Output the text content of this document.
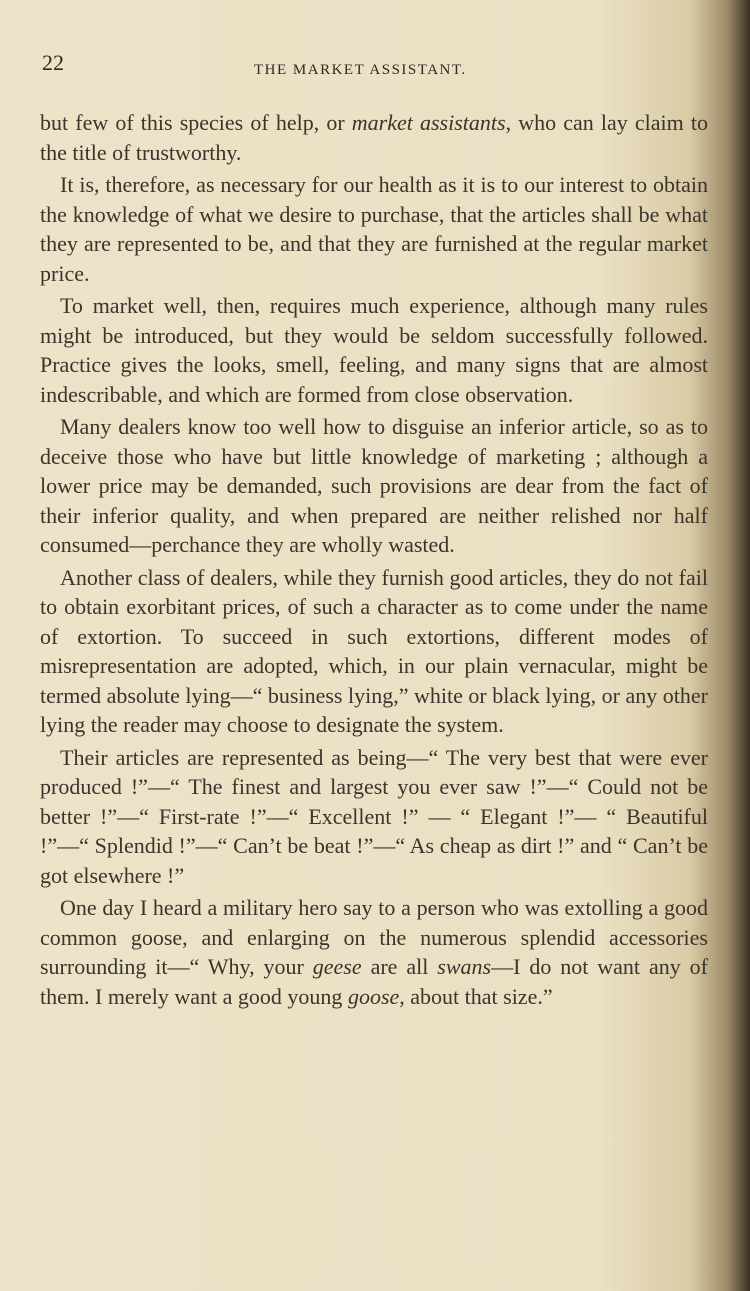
22	THE MARKET ASSISTANT.

but few of this species of help, or market assistants, who can lay claim to the title of trustworthy.

It is, therefore, as necessary for our health as it is to our interest to obtain the knowledge of what we desire to purchase, that the articles shall be what they are represented to be, and that they are furnished at the regular market price.

To market well, then, requires much experience, although many rules might be introduced, but they would be seldom successfully followed. Practice gives the looks, smell, feeling, and many signs that are almost indescribable, and which are formed from close observation.

Many dealers know too well how to disguise an inferior article, so as to deceive those who have but little knowledge of marketing ; although a lower price may be demanded, such provisions are dear from the fact of their inferior quality, and when prepared are neither relished nor half consumed—perchance they are wholly wasted.

Another class of dealers, while they furnish good articles, they do not fail to obtain exorbitant prices, of such a character as to come under the name of extortion. To succeed in such extortions, different modes of misrepresentation are adopted, which, in our plain vernacular, might be termed absolute lying—“ business lying,” white or black lying, or any other lying the reader may choose to designate the system.

Their articles are represented as being—“ The very best that were ever produced !”—“ The finest and largest you ever saw !”—“ Could not be better !”—“ First-rate !”—“ Excellent !” — “ Elegant !”— “ Beautiful !”—“ Splendid !”—“ Can’t be beat !”—“ As cheap as dirt !” and “ Can’t be got elsewhere !”

One day I heard a military hero say to a person who was extolling a good common goose, and enlarging on the numerous splendid accessories surrounding it—“ Why, your geese are all swans—I do not want any of them. I merely want a good young goose, about that size.”
